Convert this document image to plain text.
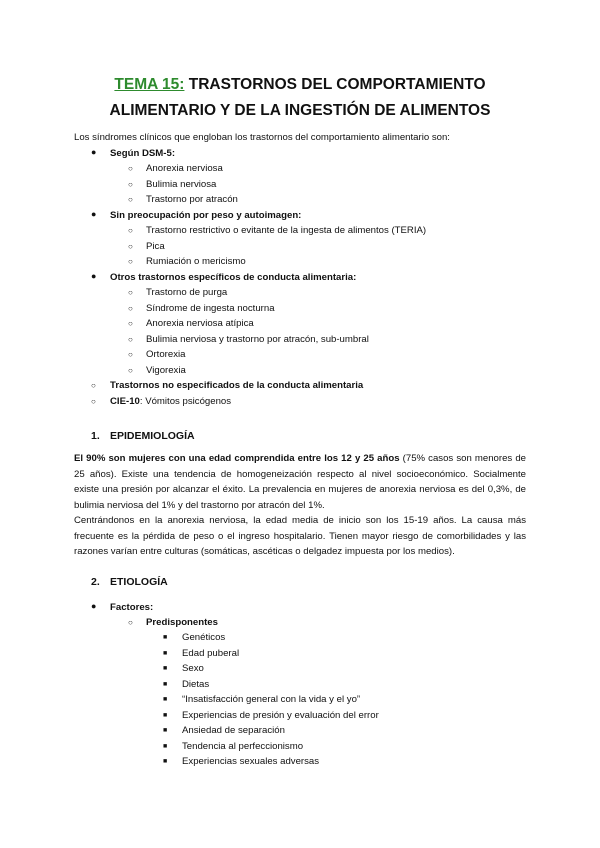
TEMA 15: TRASTORNOS DEL COMPORTAMIENTO
ALIMENTARIO Y DE LA INGESTIÓN DE ALIMENTOS
Los síndromes clínicos que engloban los trastornos del comportamiento alimentario son:
● Según DSM-5:
○ Anorexia nerviosa
○ Bulimia nerviosa
○ Trastorno por atracón
● Sin preocupación por peso y autoimagen:
○ Trastorno restrictivo o evitante de la ingesta de alimentos (TERIA)
○ Pica
○ Rumiación o mericismo
● Otros trastornos específicos de conducta alimentaria:
○ Trastorno de purga
○ Síndrome de ingesta nocturna
○ Anorexia nerviosa atípica
○ Bulimia nerviosa y trastorno por atracón, sub-umbral
○ Ortorexia
○ Vigorexia
○ Trastornos no especificados de la conducta alimentaria
○ CIE-10: Vómitos psicógenos
1. EPIDEMIOLOGÍA
El 90% son mujeres con una edad comprendida entre los 12 y 25 años (75% casos son menores de 25 años). Existe una tendencia de homogeneización respecto al nivel socioeconómico. Socialmente existe una presión por alcanzar el éxito. La prevalencia en mujeres de anorexia nerviosa es del 0,3%, de bulimia nerviosa del 1% y del trastorno por atracón del 1%.
Centrándonos en la anorexia nerviosa, la edad media de inicio son los 15-19 años. La causa más frecuente es la pérdida de peso o el ingreso hospitalario. Tienen mayor riesgo de comorbilidades y las razones varían entre culturas (somáticas, ascéticas o delgadez impuesta por los medios).
2. ETIOLOGÍA
● Factores:
○ Predisponentes
■ Genéticos
■ Edad puberal
■ Sexo
■ Dietas
■ “Insatisfacción general con la vida y el yo”
■ Experiencias de presión y evaluación del error
■ Ansiedad de separación
■ Tendencia al perfeccionismo
■ Experiencias sexuales adversas
